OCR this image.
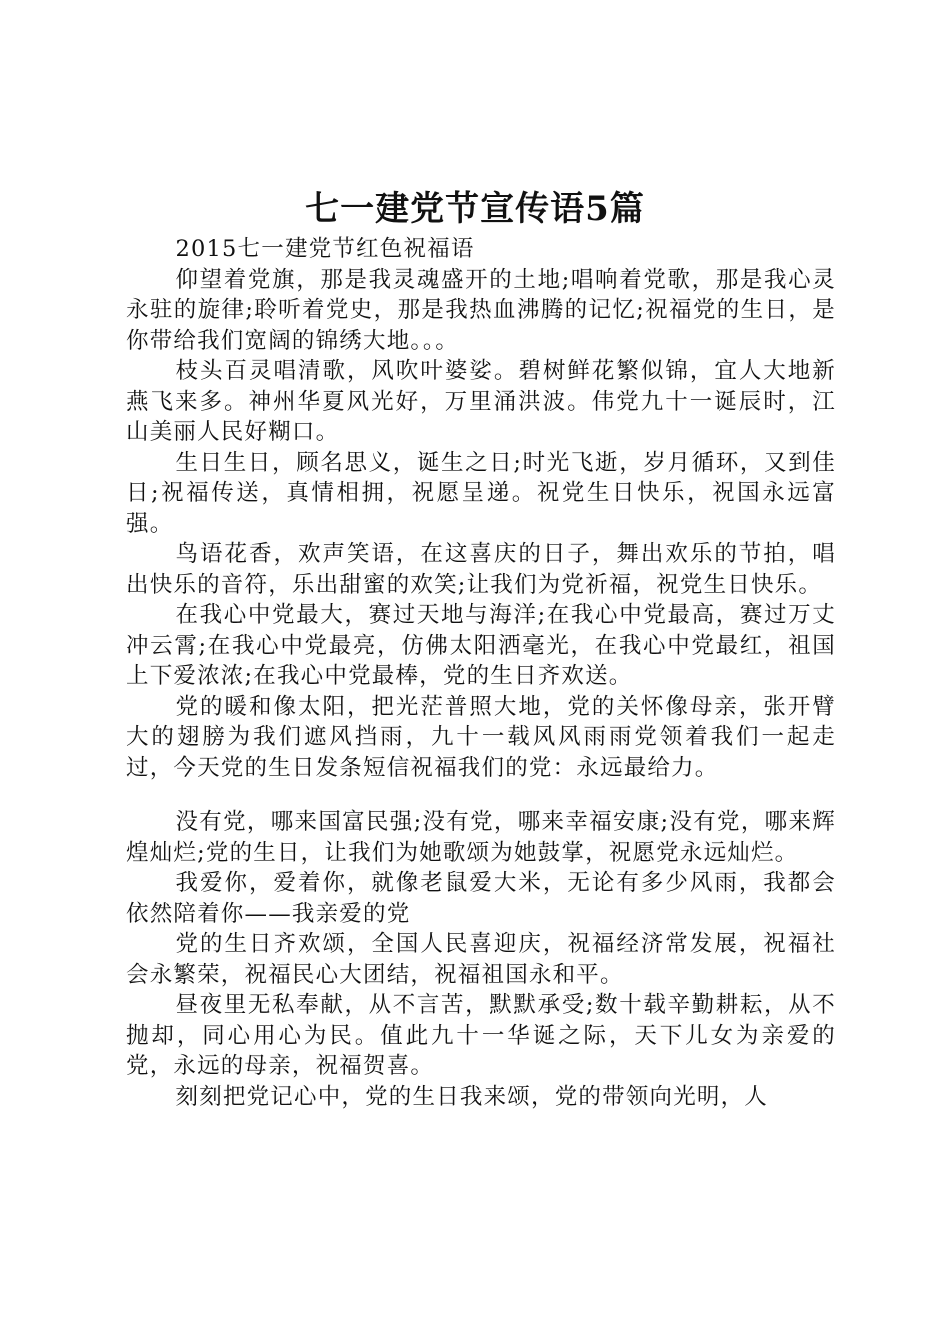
七一建党节宣传语5篇

2015七一建党节红色祝福语

仰望着党旗，那是我灵魂盛开的土地;唱响着党歌，那是我心灵永驻的旋律;聆听着党史，那是我热血沸腾的记忆;祝福党的生日，是你带给我们宽阔的锦绣大地。。。

枝头百灵唱清歌，风吹叶婆娑。碧树鲜花繁似锦，宜人大地新燕飞来多。神州华夏风光好，万里涌洪波。伟党九十一诞辰时，江山美丽人民好糊口。

生日生日，顾名思义，诞生之日;时光飞逝，岁月循环，又到佳日;祝福传送，真情相拥，祝愿呈递。祝党生日快乐，祝国永远富强。

鸟语花香，欢声笑语，在这喜庆的日子，舞出欢乐的节拍，唱出快乐的音符，乐出甜蜜的欢笑;让我们为党祈福，祝党生日快乐。

在我心中党最大，赛过天地与海洋;在我心中党最高，赛过万丈冲云霄;在我心中党最亮，仿佛太阳洒毫光，在我心中党最红，祖国上下爱浓浓;在我心中党最棒，党的生日齐欢送。

党的暖和像太阳，把光茫普照大地，党的关怀像母亲，张开臂大的翅膀为我们遮风挡雨，九十一载风风雨雨党领着我们一起走过，今天党的生日发条短信祝福我们的党：永远最给力。

没有党，哪来国富民强;没有党，哪来幸福安康;没有党，哪来辉煌灿烂;党的生日，让我们为她歌颂为她鼓掌，祝愿党永远灿烂。

我爱你，爱着你，就像老鼠爱大米，无论有多少风雨，我都会依然陪着你——我亲爱的党

党的生日齐欢颂，全国人民喜迎庆，祝福经济常发展，祝福社会永繁荣，祝福民心大团结，祝福祖国永和平。

昼夜里无私奉献，从不言苦，默默承受;数十载辛勤耕耘，从不抛却，同心用心为民。值此九十一华诞之际，天下儿女为亲爱的党，永远的母亲，祝福贺喜。

刻刻把党记心中，党的生日我来颂，党的带领向光明，人
